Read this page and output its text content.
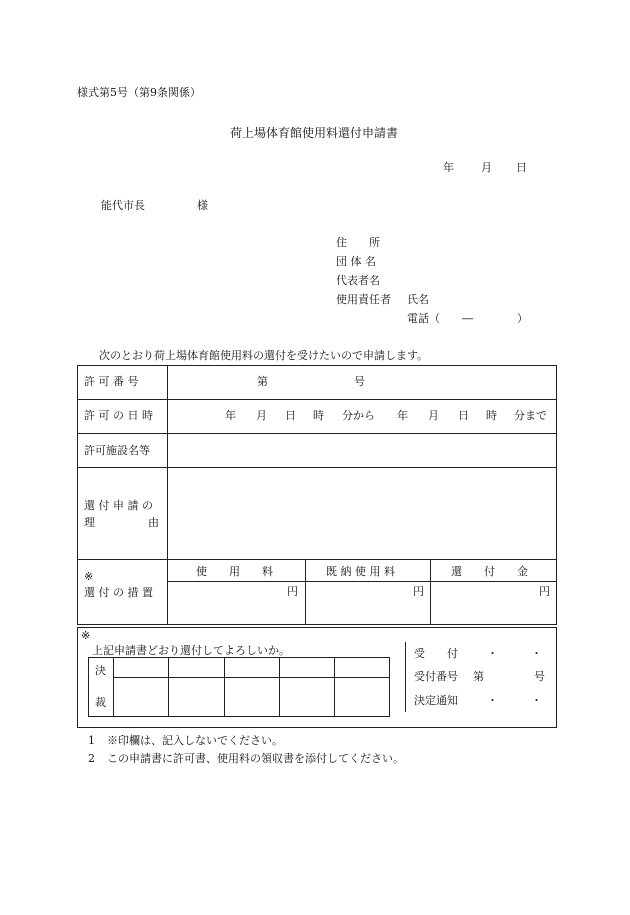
様式第5号（第9条関係）
荷上場体育館使用料還付申請書
年 月 日
能代市長	様
住　　所
団 体 名
代表者名
使用責任者 氏名
電話（　　―　　　　）
次のとおり荷上場体育館使用料の還付を受けたいので申請します。
許 可 番 号	第	号
許 可 の 日 時	年 月 日 時 分から 年 月 日 時 分まで
許可施設名等
還 付 申 請 の
理	由
※
還 付 の 措 置
使　　用　　料	既 納 使 用 料	還　　付　　金
円	円	円
※
上記申請書どおり還付してよろしいか。
決
裁
受　　付	・　　　・
受付番号 第	号
決定通知	・　　　・
1 ※印欄は、記入しないでください。
2 この申請書に許可書、使用料の領収書を添付してください。
